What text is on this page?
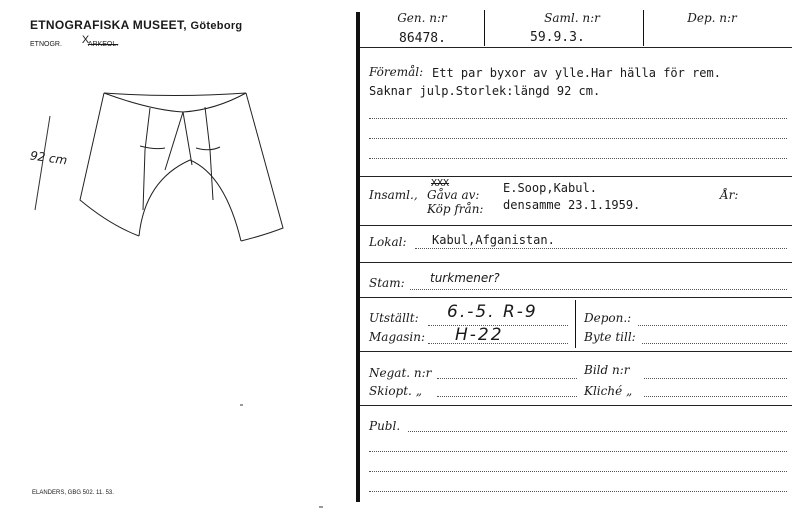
ETNOGRAFISKA MUSEET, Göteborg
ETNOGR. X
ARKEOL.
92 cm
ELANDERS, GBG 502. 11. 53.
Gen. n:r	Saml. n:r	Dep. n:r
86478.	59.9.3.
Föremål: Ett par byxor av ylle.Har hälla för rem.
Saknar julp.Storlek:längd 92 cm.
Insaml.,
XXX
Gåva av: E.Soop,Kabul.
Köp från: densamme 23.1.1959.
År:
Lokal: Kabul,Afganistan.
Stam: turkmener?
Utställt: 6.-5. R-9
Magasin: H-22
Depon.:
Byte till:
Negat. n:r
Skiopt. „
Bild n:r
Kliché „
Publ.
